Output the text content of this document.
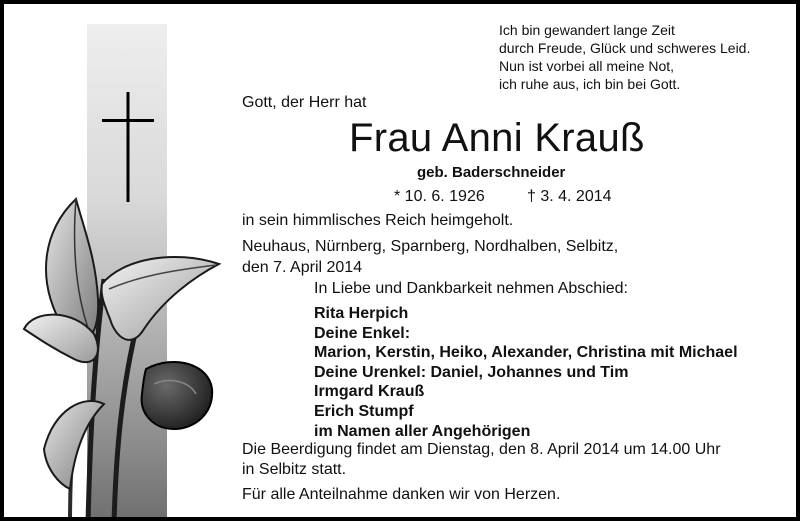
Ich bin gewandert lange Zeit
durch Freude, Glück und schweres Leid.
Nun ist vorbei all meine Not,
ich ruhe aus, ich bin bei Gott.
Gott, der Herr hat
Frau Anni Krauß
geb. Baderschneider
* 10. 6. 1926	† 3. 4. 2014
in sein himmlisches Reich heimgeholt.
Neuhaus, Nürnberg, Sparnberg, Nordhalben, Selbitz,
den 7. April 2014
In Liebe und Dankbarkeit nehmen Abschied:
Rita Herpich
Deine Enkel:
Marion, Kerstin, Heiko, Alexander, Christina mit Michael
Deine Urenkel: Daniel, Johannes und Tim
Irmgard Krauß
Erich Stumpf
im Namen aller Angehörigen
Die Beerdigung findet am Dienstag, den 8. April 2014 um 14.00 Uhr
in Selbitz statt.
Für alle Anteilnahme danken wir von Herzen.
